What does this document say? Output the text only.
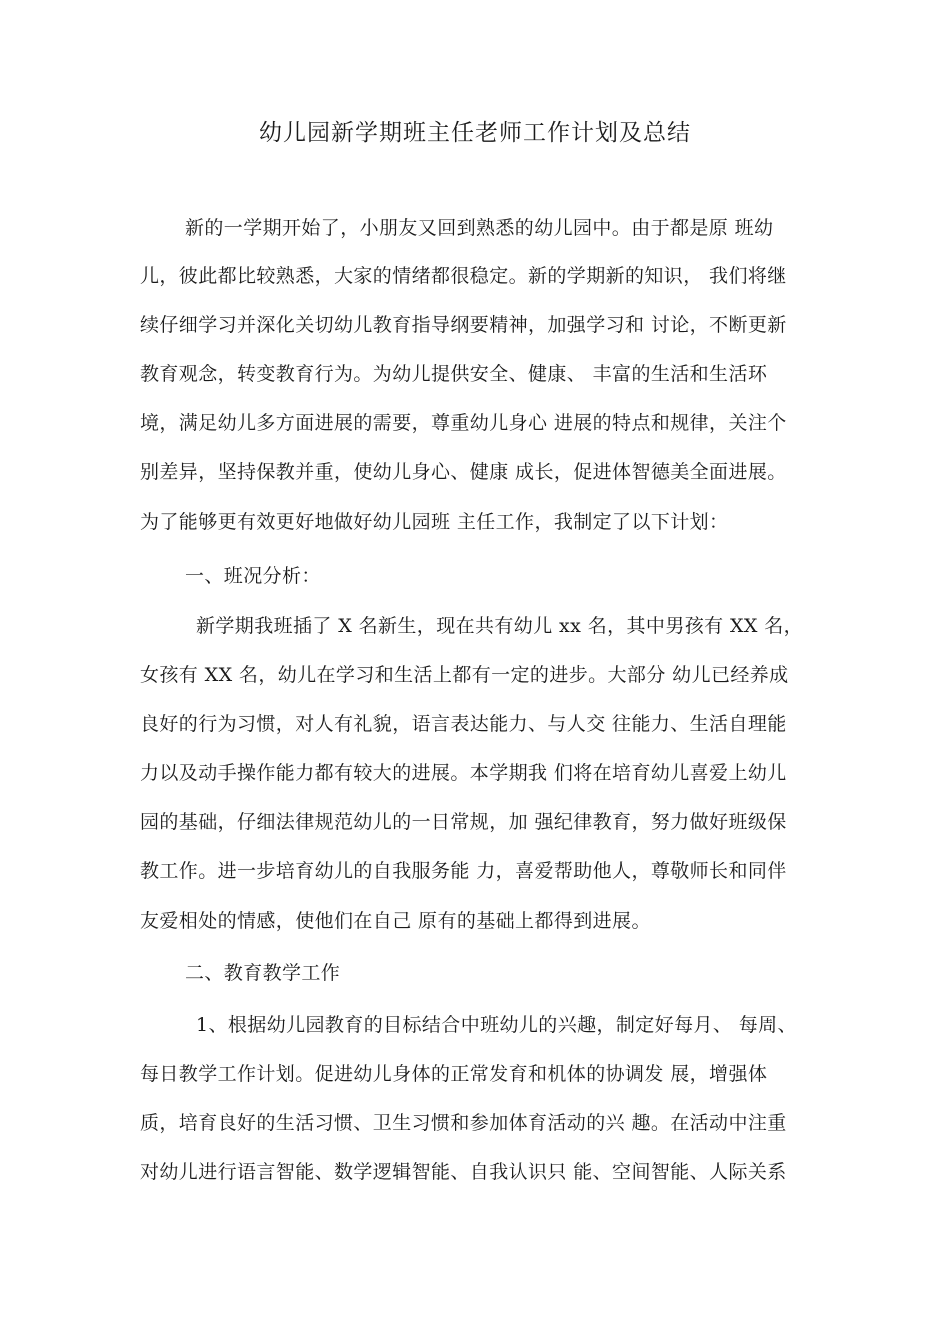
幼儿园新学期班主任老师工作计划及总结
新的一学期开始了，小朋友又回到熟悉的幼儿园中。由于都是原 班幼
儿，彼此都比较熟悉，大家的情绪都很稳定。新的学期新的知识， 我们将继
续仔细学习并深化关切幼儿教育指导纲要精神，加强学习和 讨论，不断更新
教育观念，转变教育行为。为幼儿提供安全、健康、 丰富的生活和生活环
境，满足幼儿多方面进展的需要，尊重幼儿身心 进展的特点和规律，关注个
别差异，坚持保教并重，使幼儿身心、健康 成长，促进体智德美全面进展。
为了能够更有效更好地做好幼儿园班 主任工作，我制定了以下计划：
一、班况分析：
新学期我班插了 X 名新生，现在共有幼儿 xx 名，其中男孩有 XX 名，
女孩有 XX 名，幼儿在学习和生活上都有一定的进步。大部分 幼儿已经养成
良好的行为习惯，对人有礼貌，语言表达能力、与人交 往能力、生活自理能
力以及动手操作能力都有较大的进展。本学期我 们将在培育幼儿喜爱上幼儿
园的基础，仔细法律规范幼儿的一日常规，加 强纪律教育，努力做好班级保
教工作。进一步培育幼儿的自我服务能 力，喜爱帮助他人，尊敬师长和同伴
友爱相处的情感，使他们在自己 原有的基础上都得到进展。
二、教育教学工作
1、根据幼儿园教育的目标结合中班幼儿的兴趣，制定好每月、 每周、
每日教学工作计划。促进幼儿身体的正常发育和机体的协调发 展，增强体
质，培育良好的生活习惯、卫生习惯和参加体育活动的兴 趣。在活动中注重
对幼儿进行语言智能、数学逻辑智能、自我认识只 能、空间智能、人际关系
